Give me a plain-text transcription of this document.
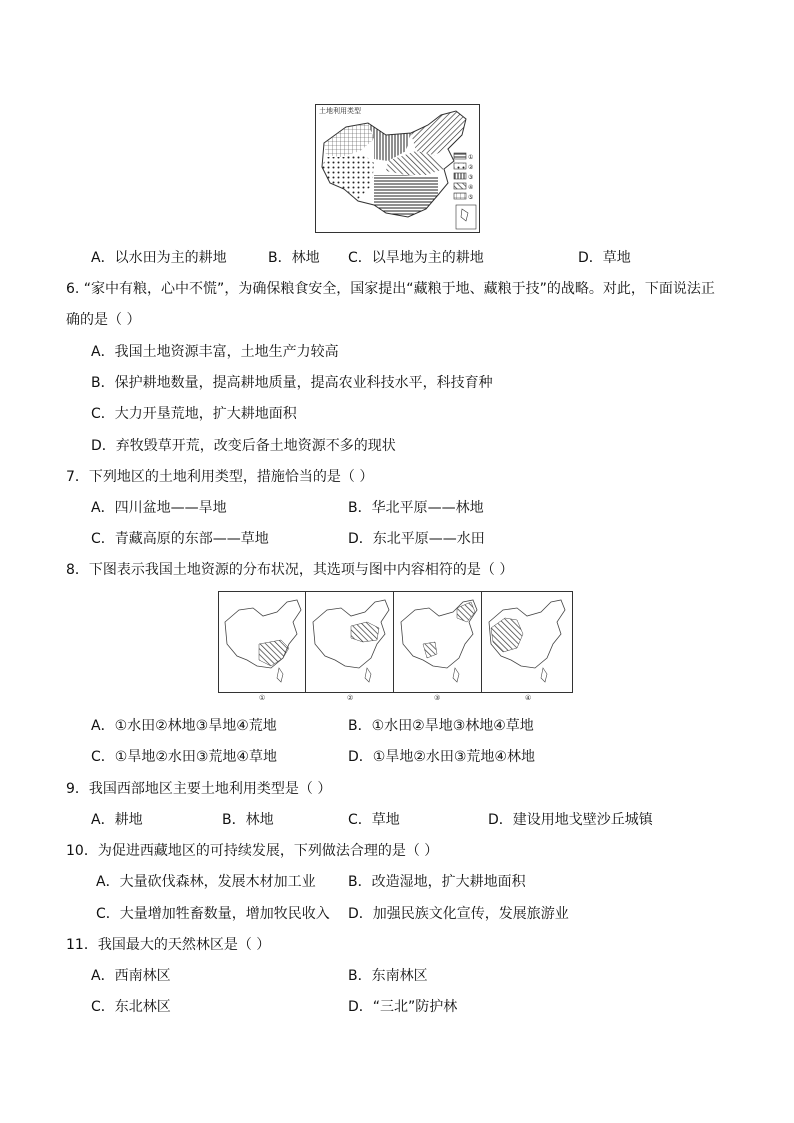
土地利用类型
①
②
③
④
⑤
A．以水田为主的耕地	B．林地 C．以旱地为主的耕地	D．草地
6. “家中有粮，心中不慌”，为确保粮食安全，国家提出“藏粮于地、藏粮于技”的战略。对此，下面说法正
确的是（ ）
A．我国土地资源丰富，土地生产力较高
B．保护耕地数量，提高耕地质量，提高农业科技水平，科技育种
C．大力开垦荒地，扩大耕地面积
D．弃牧毁草开荒，改变后备土地资源不多的现状
7．下列地区的土地利用类型，措施恰当的是（ ）
A．四川盆地——旱地	B．华北平原——林地
C．青藏高原的东部——草地	D．东北平原——水田
8．下图表示我国土地资源的分布状况，其选项与图中内容相符的是（ ）
①	②	③	④
A．①水田②林地③旱地④荒地	B．①水田②旱地③林地④草地
C．①旱地②水田③荒地④草地	D．①旱地②水田③荒地④林地
9．我国西部地区主要土地利用类型是（ ）
A．耕地	B．林地	C．草地	D．建设用地戈壁沙丘城镇
10．为促进西藏地区的可持续发展，下列做法合理的是（ ）
A．大量砍伐森林，发展木材加工业 B．改造湿地，扩大耕地面积
C．大量增加牲畜数量，增加牧民收入 D．加强民族文化宣传，发展旅游业
11．我国最大的天然林区是（ ）
A．西南林区	B．东南林区
C．东北林区	D．“三北”防护林
